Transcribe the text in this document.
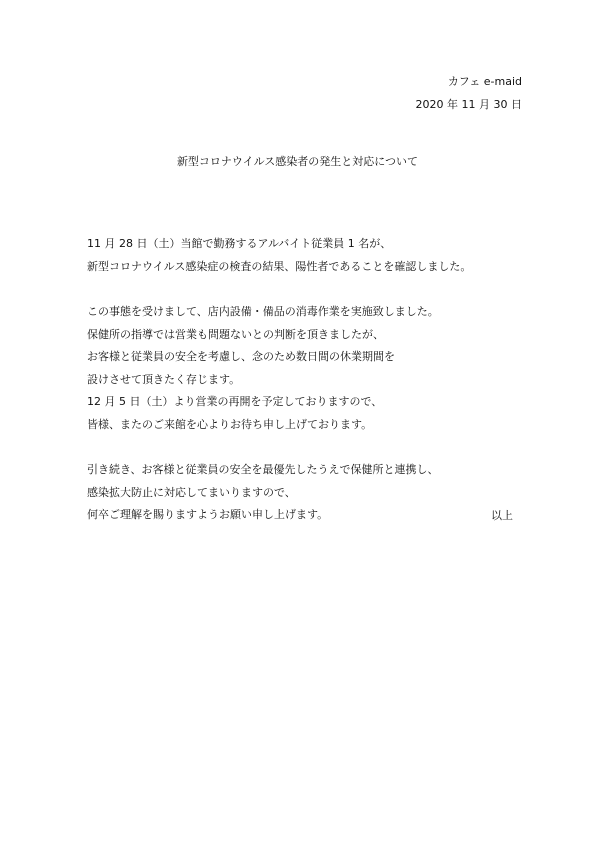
カフェ e-maid
2020 年 11 月 30 日
新型コロナウイルス感染者の発生と対応について
11 月 28 日（土）当館で勤務するアルバイト従業員 1 名が、
新型コロナウイルス感染症の検査の結果、陽性者であることを確認しました。
この事態を受けまして、店内設備・備品の消毒作業を実施致しました。
保健所の指導では営業も問題ないとの判断を頂きましたが、
お客様と従業員の安全を考慮し、念のため数日間の休業期間を
設けさせて頂きたく存じます。
12 月 5 日（土）より営業の再開を予定しておりますので、
皆様、またのご来館を心よりお待ち申し上げております。
引き続き、お客様と従業員の安全を最優先したうえで保健所と連携し、
感染拡大防止に対応してまいりますので、
何卒ご理解を賜りますようお願い申し上げます。	以上
